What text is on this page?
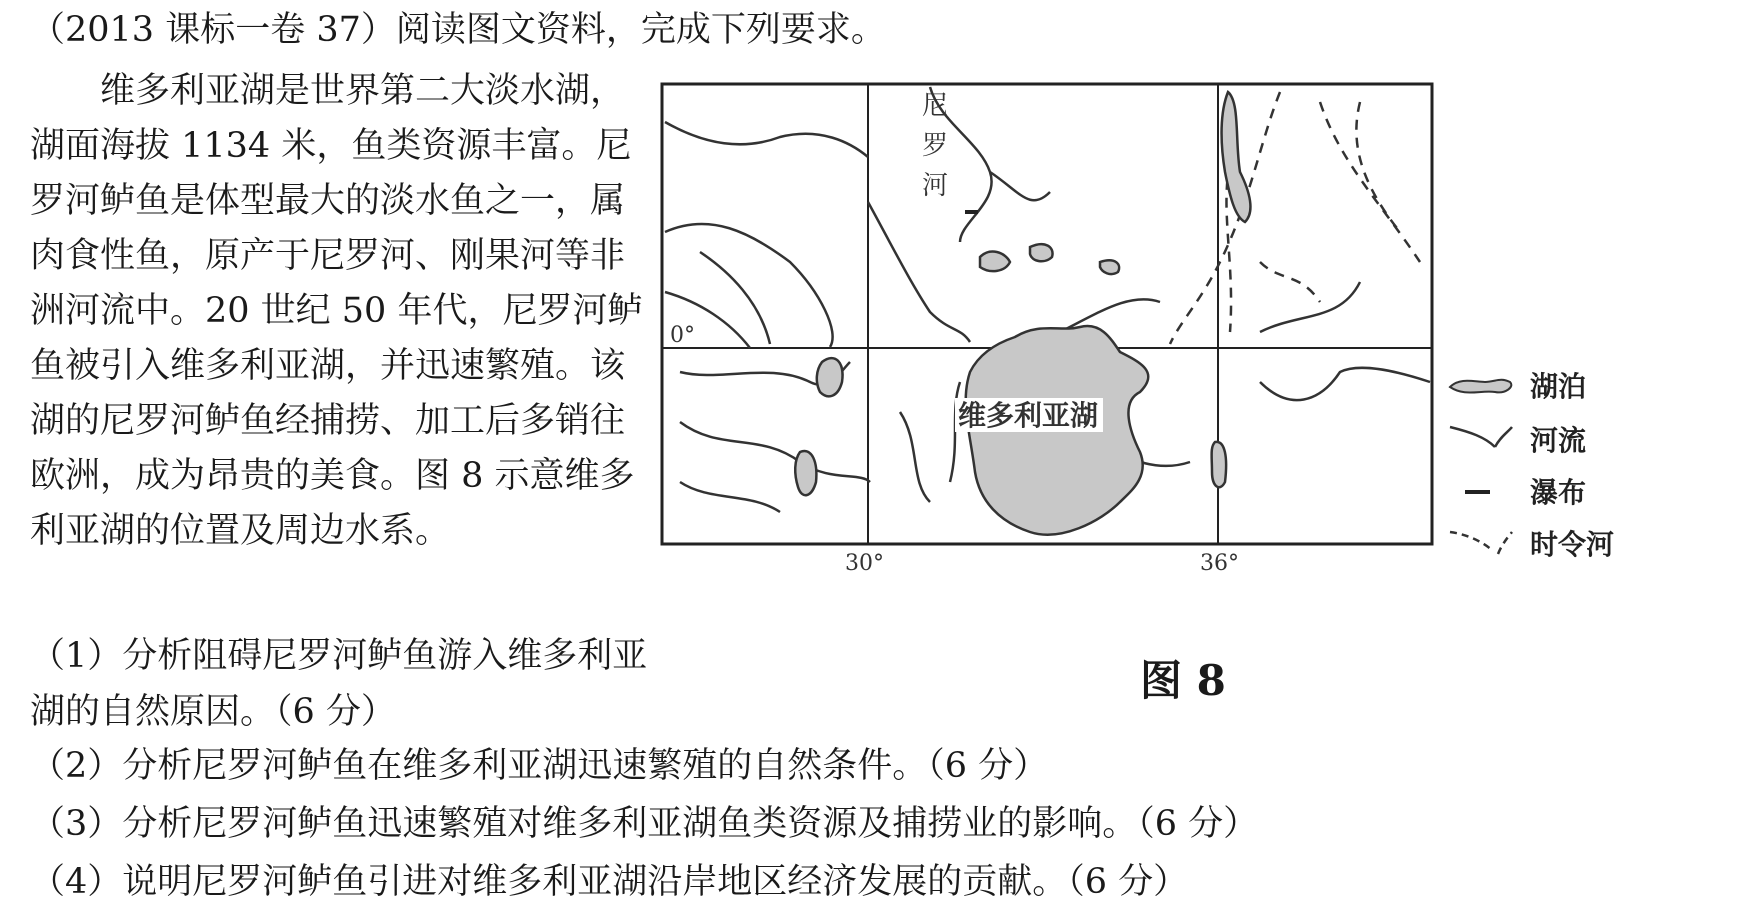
（2013 课标一卷 37）阅读图文资料，完成下列要求。

维多利亚湖是世界第二大淡水湖，湖面海拔 1134 米，鱼类资源丰富。尼罗河鲈鱼是体型最大的淡水鱼之一，属肉食性鱼，原产于尼罗河、刚果河等非洲河流中。20 世纪 50 年代，尼罗河鲈鱼被引入维多利亚湖，并迅速繁殖。该湖的尼罗河鲈鱼经捕捞、加工后多销往欧洲，成为昂贵的美食。图 8 示意维多利亚湖的位置及周边水系。

（1）分析阻碍尼罗河鲈鱼游入维多利亚湖的自然原因。（6 分）
（2）分析尼罗河鲈鱼在维多利亚湖迅速繁殖的自然条件。（6 分）
（3）分析尼罗河鲈鱼迅速繁殖对维多利亚湖鱼类资源及捕捞业的影响。（6 分）
（4）说明尼罗河鲈鱼引进对维多利亚湖沿岸地区经济发展的贡献。（6 分）
尼
罗
河
维多利亚湖
0°
30°	36°
湖泊
河流
瀑布
时令河
图 8
